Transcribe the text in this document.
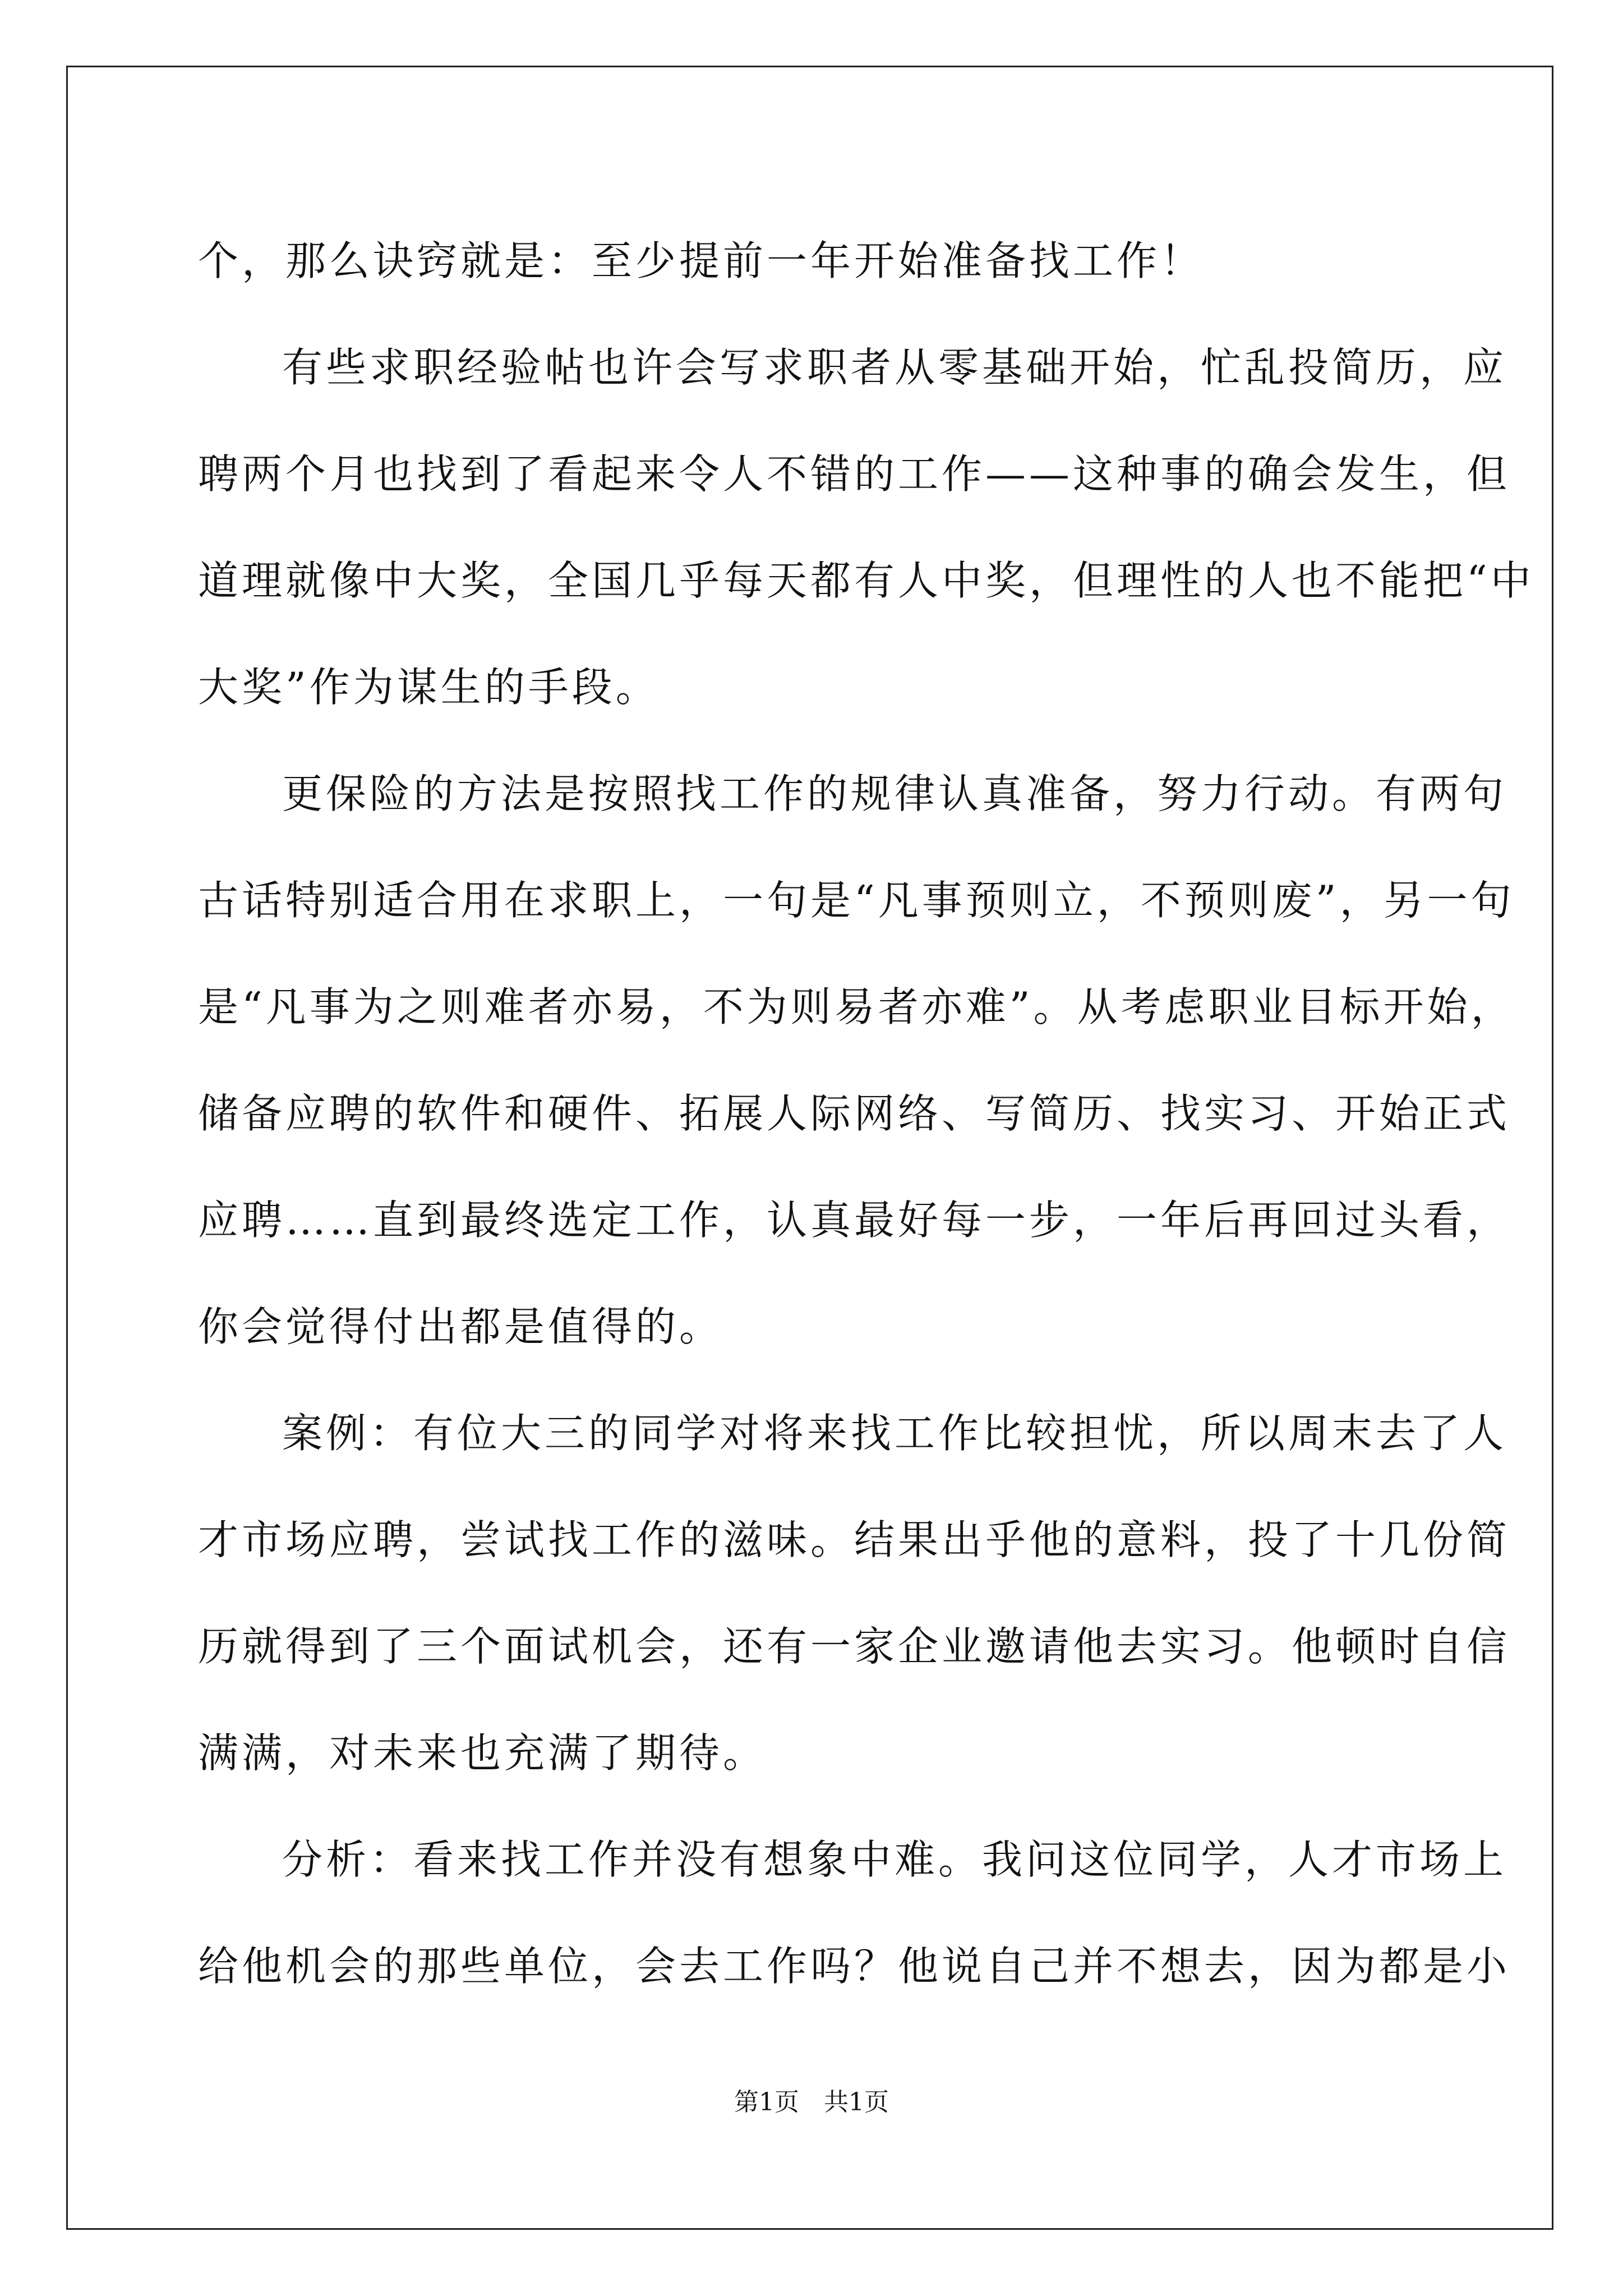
个，那么诀窍就是：至少提前一年开始准备找工作！
有些求职经验帖也许会写求职者从零基础开始，忙乱投简历，应
聘两个月也找到了看起来令人不错的工作——这种事的确会发生，但
道理就像中大奖，全国几乎每天都有人中奖，但理性的人也不能把“中
大奖”作为谋生的手段。
更保险的方法是按照找工作的规律认真准备，努力行动。有两句
古话特别适合用在求职上，一句是“凡事预则立，不预则废”，另一句
是“凡事为之则难者亦易，不为则易者亦难”。从考虑职业目标开始，
储备应聘的软件和硬件、拓展人际网络、写简历、找实习、开始正式
应聘……直到最终选定工作，认真最好每一步，一年后再回过头看，
你会觉得付出都是值得的。
案例：有位大三的同学对将来找工作比较担忧，所以周末去了人
才市场应聘，尝试找工作的滋味。结果出乎他的意料，投了十几份简
历就得到了三个面试机会，还有一家企业邀请他去实习。他顿时自信
满满，对未来也充满了期待。
分析：看来找工作并没有想象中难。我问这位同学，人才市场上
给他机会的那些单位，会去工作吗？他说自己并不想去，因为都是小
第1页　共1页
